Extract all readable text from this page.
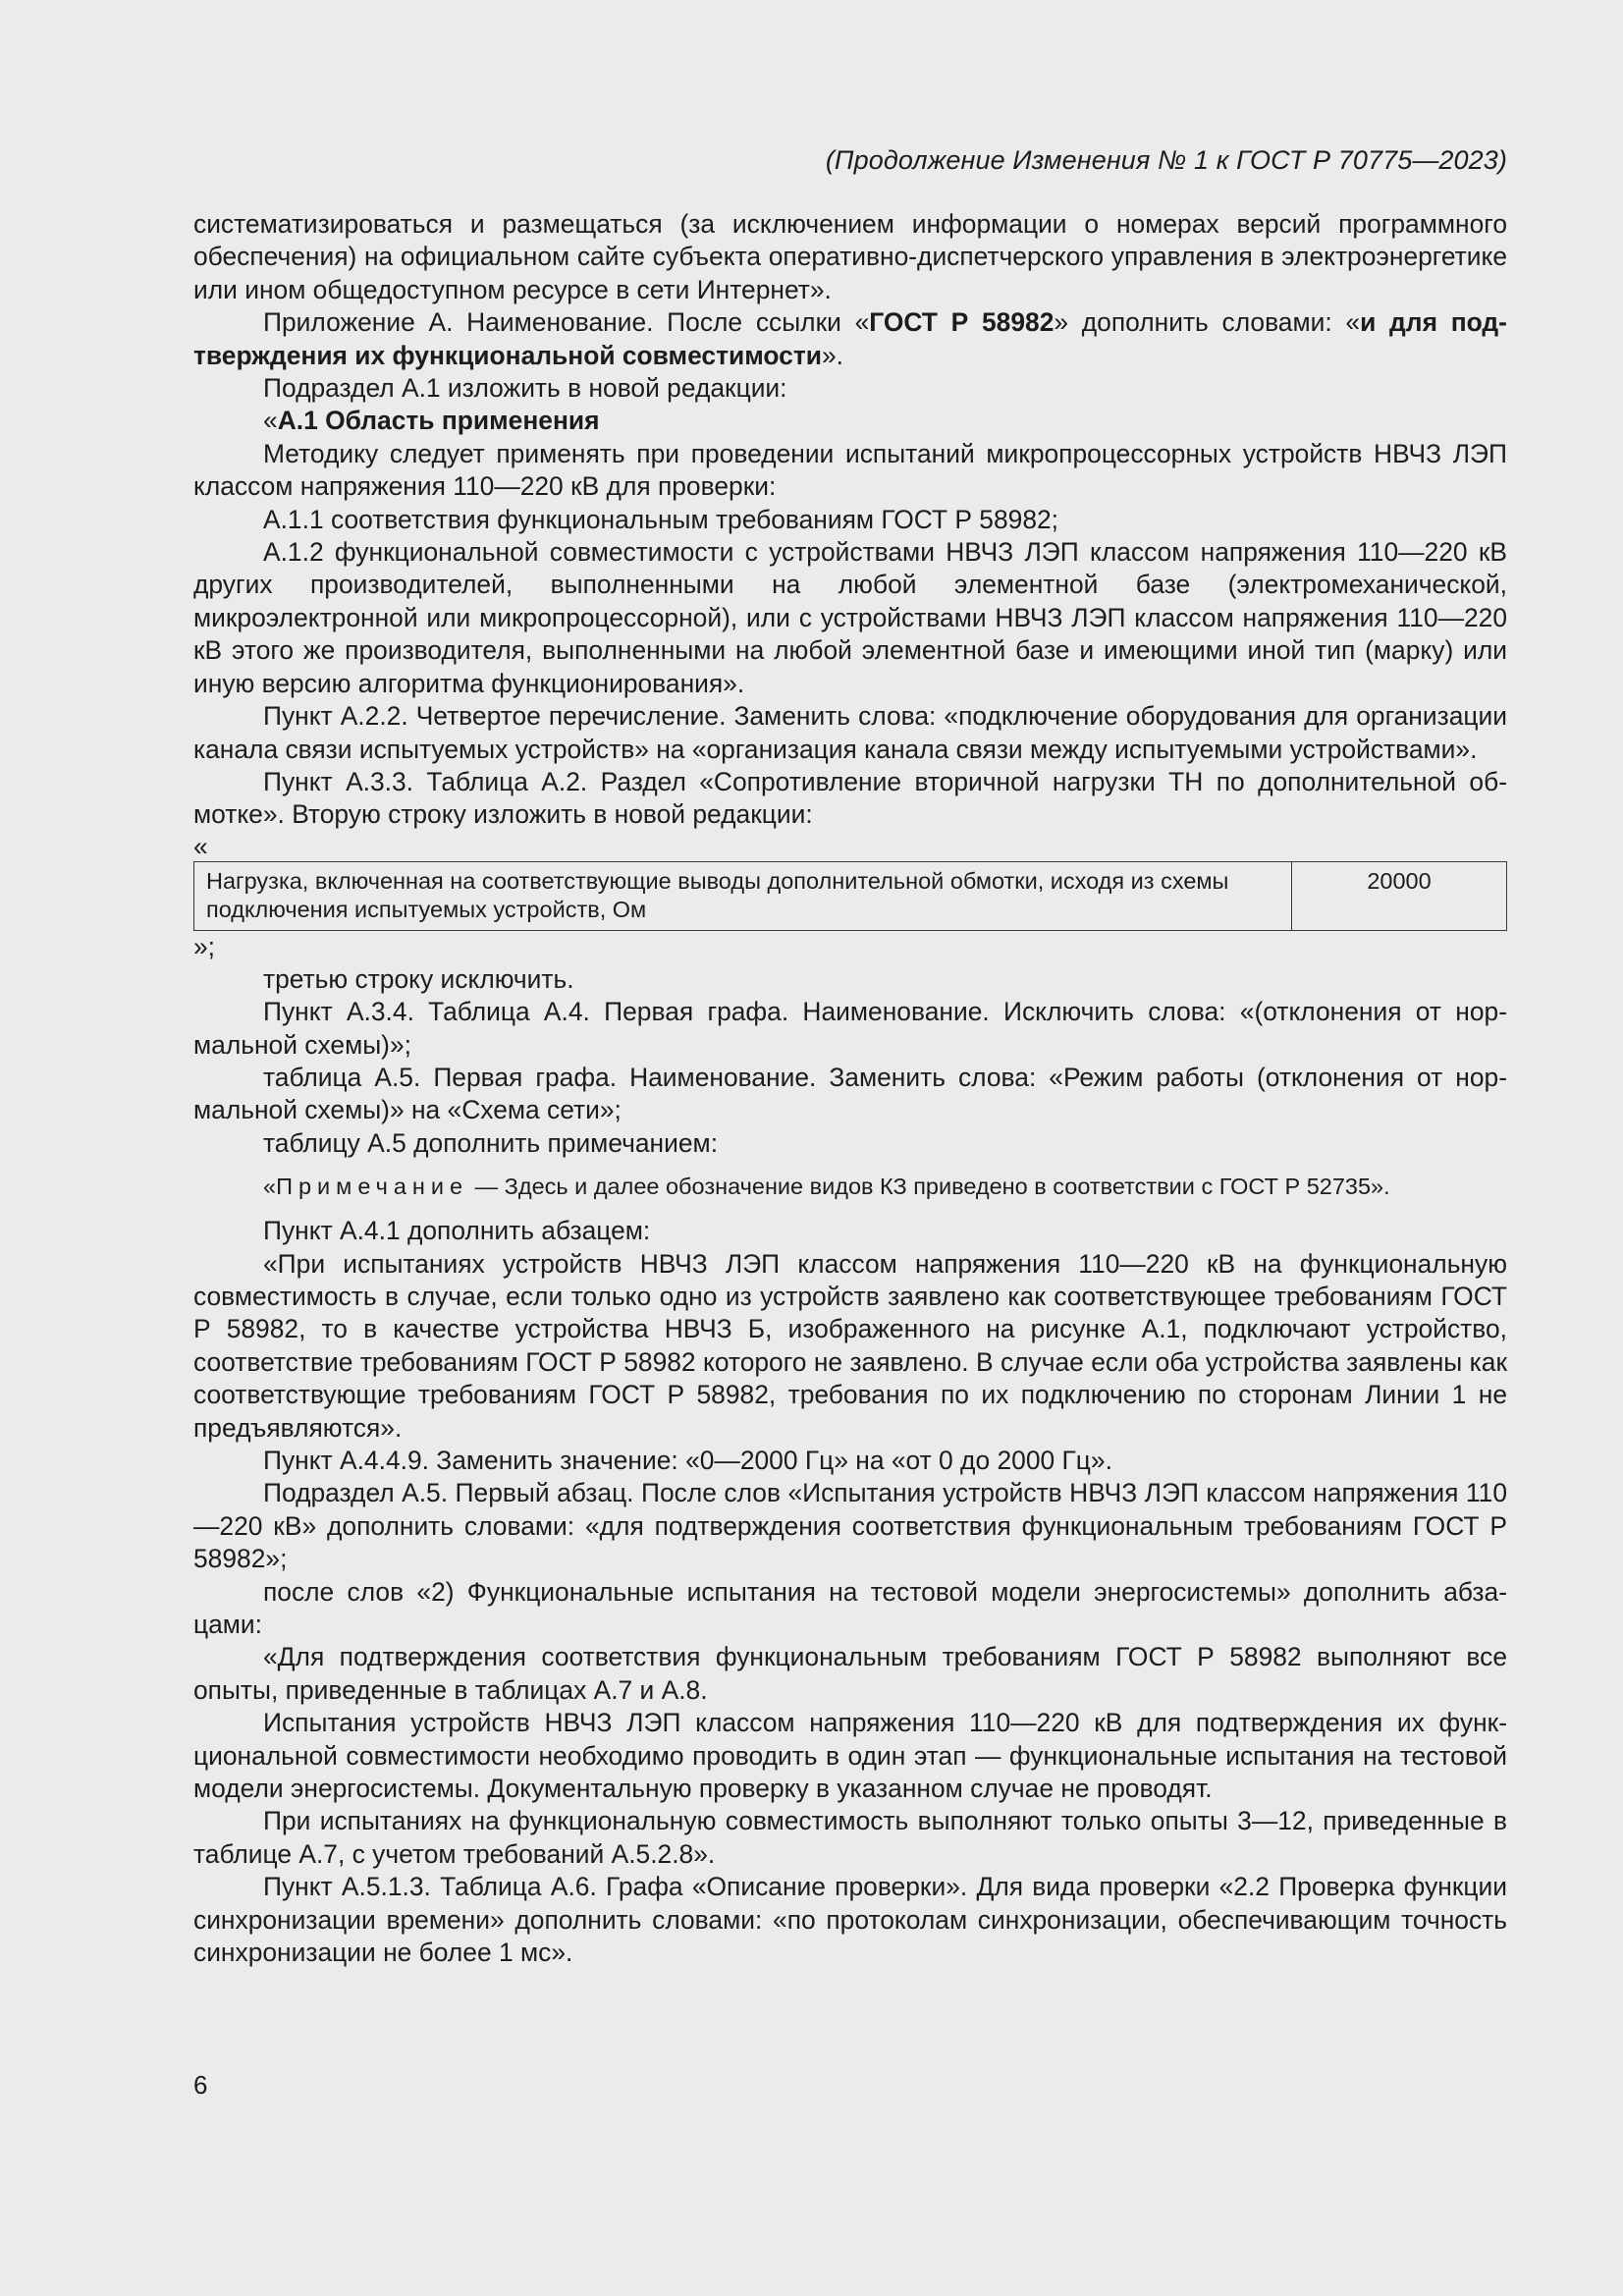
(Продолжение Изменения № 1 к ГОСТ Р 70775—2023)

систематизироваться и размещаться (за исключением информации о номерах версий программного обеспечения) на официальном сайте субъекта оперативно-диспетчерского управления в электроэнергетике или ином общедоступном ресурсе в сети Интернет».

Приложение А. Наименование. После ссылки «ГОСТ Р 58982» дополнить словами: «и для подтверждения их функциональной совместимости».

Подраздел А.1 изложить в новой редакции:

«А.1 Область применения

Методику следует применять при проведении испытаний микропроцессорных устройств НВЧЗ ЛЭП классом напряжения 110—220 кВ для проверки:

А.1.1 соответствия функциональным требованиям ГОСТ Р 58982;

А.1.2 функциональной совместимости с устройствами НВЧЗ ЛЭП классом напряжения 110—220 кВ других производителей, выполненными на любой элементной базе (электромеханической, микроэлектронной или микропроцессорной), или с устройствами НВЧЗ ЛЭП классом напряжения 110—220 кВ этого же производителя, выполненными на любой элементной базе и имеющими иной тип (марку) или иную версию алгоритма функционирования».

Пункт А.2.2. Четвертое перечисление. Заменить слова: «подключение оборудования для организации канала связи испытуемых устройств» на «организация канала связи между испытуемыми устройствами».

Пункт А.3.3. Таблица А.2. Раздел «Сопротивление вторичной нагрузки ТН по дополнительной обмотке». Вторую строку изложить в новой редакции:

«

Нагрузка, включенная на соответствующие выводы дополнительной обмотки, исходя из схемы подключения испытуемых устройств, Ом	20000

»;

третью строку исключить.

Пункт А.3.4. Таблица А.4. Первая графа. Наименование. Исключить слова: «(отклонения от нормальной схемы)»;

таблица А.5. Первая графа. Наименование. Заменить слова: «Режим работы (отклонения от нормальной схемы)» на «Схема сети»;

таблицу А.5 дополнить примечанием:

«Примечание — Здесь и далее обозначение видов КЗ приведено в соответствии с ГОСТ Р 52735».

Пункт А.4.1 дополнить абзацем:

«При испытаниях устройств НВЧЗ ЛЭП классом напряжения 110—220 кВ на функциональную совместимость в случае, если только одно из устройств заявлено как соответствующее требованиям ГОСТ Р 58982, то в качестве устройства НВЧЗ Б, изображенного на рисунке А.1, подключают устройство, соответствие требованиям ГОСТ Р 58982 которого не заявлено. В случае если оба устройства заявлены как соответствующие требованиям ГОСТ Р 58982, требования по их подключению по сторонам Линии 1 не предъявляются».

Пункт А.4.4.9. Заменить значение: «0—2000 Гц» на «от 0 до 2000 Гц».

Подраздел А.5. Первый абзац. После слов «Испытания устройств НВЧЗ ЛЭП классом напряжения 110—220 кВ» дополнить словами: «для подтверждения соответствия функциональным требованиям ГОСТ Р 58982»;

после слов «2) Функциональные испытания на тестовой модели энергосистемы» дополнить абзацами:

«Для подтверждения соответствия функциональным требованиям ГОСТ Р 58982 выполняют все опыты, приведенные в таблицах А.7 и А.8.

Испытания устройств НВЧЗ ЛЭП классом напряжения 110—220 кВ для подтверждения их функциональной совместимости необходимо проводить в один этап — функциональные испытания на тестовой модели энергосистемы. Документальную проверку в указанном случае не проводят.

При испытаниях на функциональную совместимость выполняют только опыты 3—12, приведенные в таблице А.7, с учетом требований А.5.2.8».

Пункт А.5.1.3. Таблица А.6. Графа «Описание проверки». Для вида проверки «2.2 Проверка функции синхронизации времени» дополнить словами: «по протоколам синхронизации, обеспечивающим точность синхронизации не более 1 мс».

6
